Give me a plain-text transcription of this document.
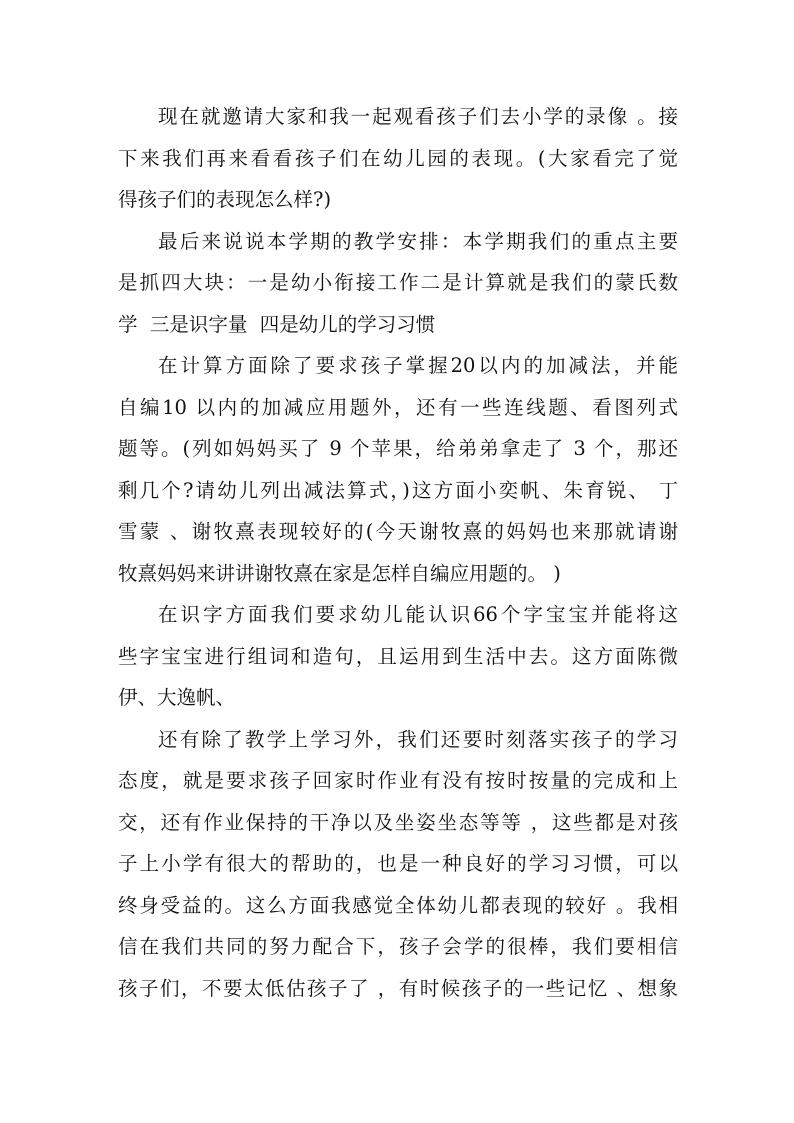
现在就邀请大家和我一起观看孩子们去小学的录像 。接
下来我们再来看看孩子们在幼儿园的表现。(大家看完了觉
得孩子们的表现怎么样?)
最后来说说本学期的教学安排：本学期我们的重点主要
是抓四大块：一是幼小衔接工作二是计算就是我们的蒙氏数
学  三是识字量  四是幼儿的学习习惯
在计算方面除了要求孩子掌握20以内的加减法，并能
自编10 以内的加减应用题外，还有一些连线题、看图列式
题等。(列如妈妈买了 9 个苹果，给弟弟拿走了 3 个，那还
剩几个?请幼儿列出减法算式，)这方面小奕帆、朱育锐、 丁
雪蒙 、谢牧熹表现较好的(今天谢牧熹的妈妈也来那就请谢
牧熹妈妈来讲讲谢牧熹在家是怎样自编应用题的。 )
在识字方面我们要求幼儿能认识66个字宝宝并能将这
些字宝宝进行组词和造句，且运用到生活中去。这方面陈微
伊、大逸帆、
还有除了教学上学习外，我们还要时刻落实孩子的学习
态度，就是要求孩子回家时作业有没有按时按量的完成和上
交，还有作业保持的干净以及坐姿坐态等等 ，这些都是对孩
子上小学有很大的帮助的，也是一种良好的学习习惯，可以
终身受益的。这么方面我感觉全体幼儿都表现的较好 。我相
信在我们共同的努力配合下，孩子会学的很棒，我们要相信
孩子们，不要太低估孩子了 ，有时候孩子的一些记忆 、想象
